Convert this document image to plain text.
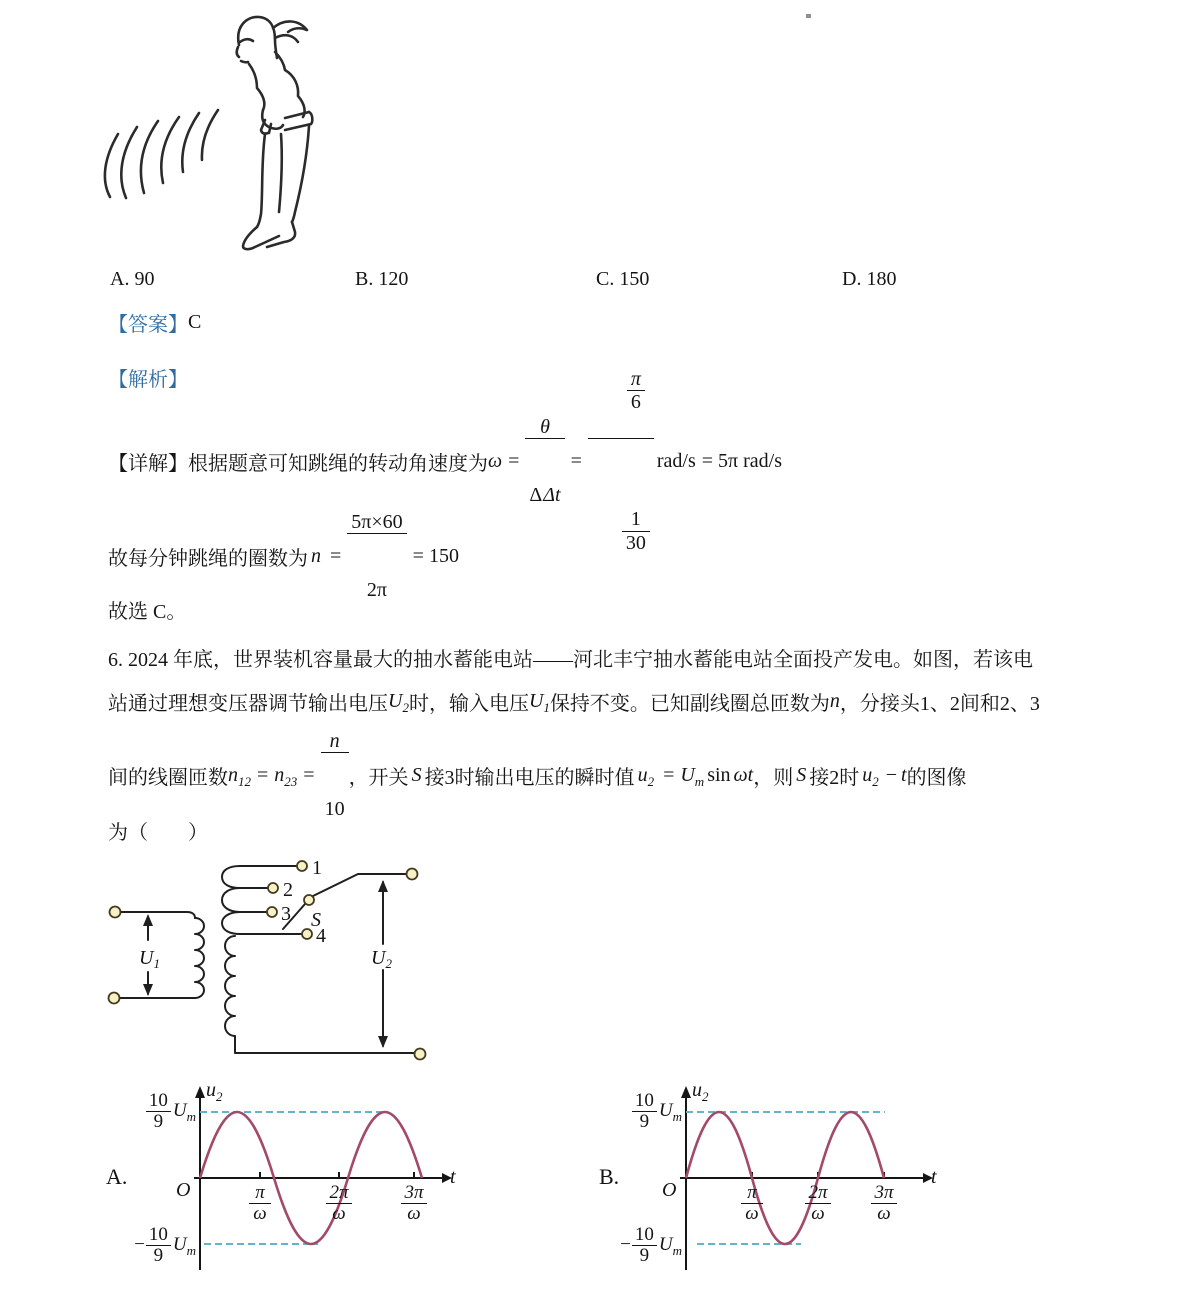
A. 90	B. 120	C. 150	D. 180
【答案】 C
【解析】
【详解】 根据题意可知跳绳的转动角速度为 ω =

$\frac{\theta}{\text{ΔΔt}}$

=

$\frac{\frac{\pi}{6}}{\frac{1}{30}}$

rad/s = 5π rad/s
故每分钟跳绳的圈数为 n =

$\frac{5\pi\times 60}{2\pi}$

= 150
故选 C。
6. 2024 年底，世界装机容量最大的抽水蓄能电站——河北丰宁抽水蓄能电站全面投产发电。如图，若该电
站通过理想变压器调节输出电压 $U_2$ 时，输入电压 $U_1$ 保持不变。已知副线圈总匝数为 n ，分接头1、2间和2、3
间的线圈匝数 $n_{12} = n_{23}$ =

$\frac{n}{10}$

，开关 S 接3时输出电压的瞬时值 $u_2 = U_m$ sin ωt ，则 S 接2时 $u_2 - t$ 的图像
为（　　）
1
2
3
4
S
$U_1$	$U_2$
A.
O
$u_2$
t
$\frac{10}{9} U_m$
− $\frac{10}{9} U_m$
$\frac{\pi}{\omega}$	$\frac{2\pi}{\omega}$	$\frac{3\pi}{\omega}$
B.
O
$u_2$
t
$\frac{10}{9} U_m$
− $\frac{10}{9} U_m$
$\frac{\pi}{\omega} \frac{2\pi}{\omega} \frac{3\pi}{\omega}$
